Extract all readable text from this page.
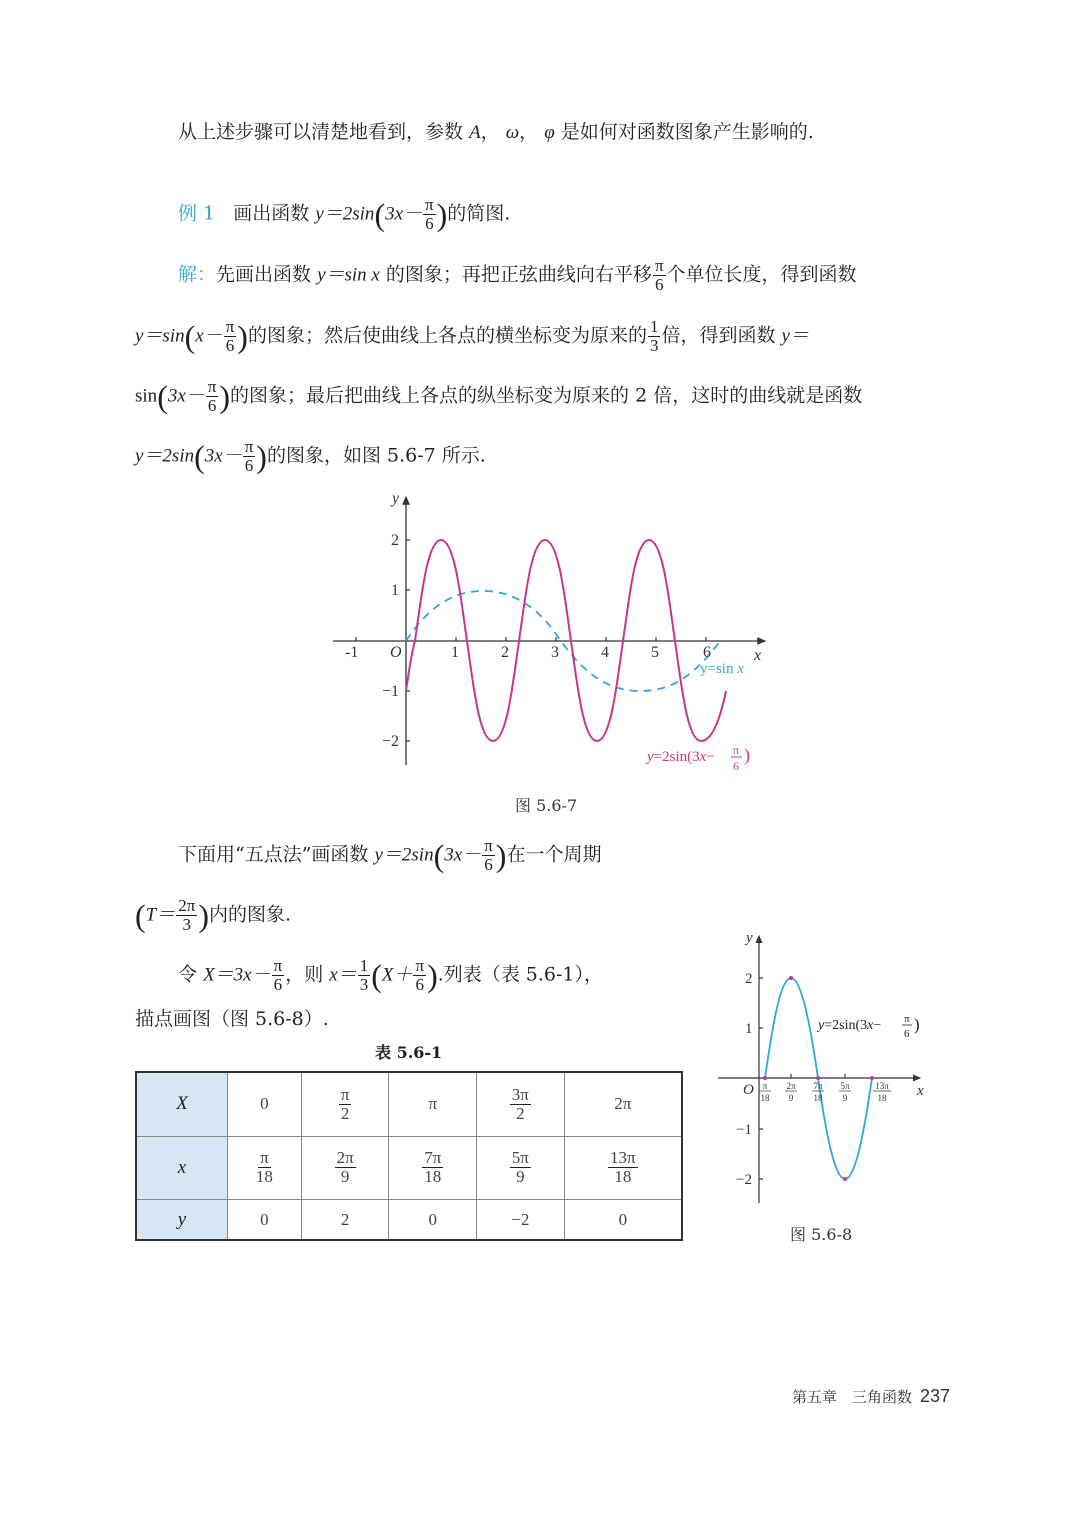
从上述步骤可以清楚地看到，参数 A， ω， φ 是如何对函数图象产生影响的.
例 1 画出函数 $y=2\sin(3x- \frac{\pi}{6}$ )的简图.
解：先画出函数 y＝sin x 的图象；再把正弦曲线向右平移 $\frac{\pi}{6}$ 个单位长度，得到函数
$y=\sin(x- \frac{\pi}{6}$ )的图象；然后使曲线上各点的横坐标变为原来的 $\frac{1}{3}$ 倍，得到函数 y＝
$\sin(3x- \frac{\pi}{6}$ )的图象；最后把曲线上各点的纵坐标变为原来的 2 倍，这时的曲线就是函数
$y=2\sin(3x- \frac{\pi}{6}$ )的图象，如图 5.6-7 所示.
y
x
O
-1	1	2	3	4	5	6
2
1
−1
−2
y=sin x
y=2sin(3x− π
6
)
图 5.6-7
下面用“五点法”画函数 $y=2\sin(3x- \frac{\pi}{6}$ )在一个周期
($T= \frac{2\pi}{3}$ )内的图象.
令 $X=3x- \frac{\pi}{6}$ ，则 $x= \frac{1}{3} (X+ \frac{\pi}{6}$ ).列表（表 5.6-1），
描点画图（图 5.6-8）.
表 5.6-1
X	0	$\frac{\pi}{2}$	π	$\frac{3\pi}{2}$	2π
x	$\frac{\pi}{18}$	$\frac{2\pi}{9}$	$\frac{7\pi}{18}$	$\frac{5\pi}{9}$	$\frac{13\pi}{18}$

y	0	2	0	−2	0
y
x
O
2
1
−1
−2
π
18
2π
9
7π
18
5π
9
13π
18
y=2sin(3x− π
6 )
图 5.6-8
第五章　三角函数 237
